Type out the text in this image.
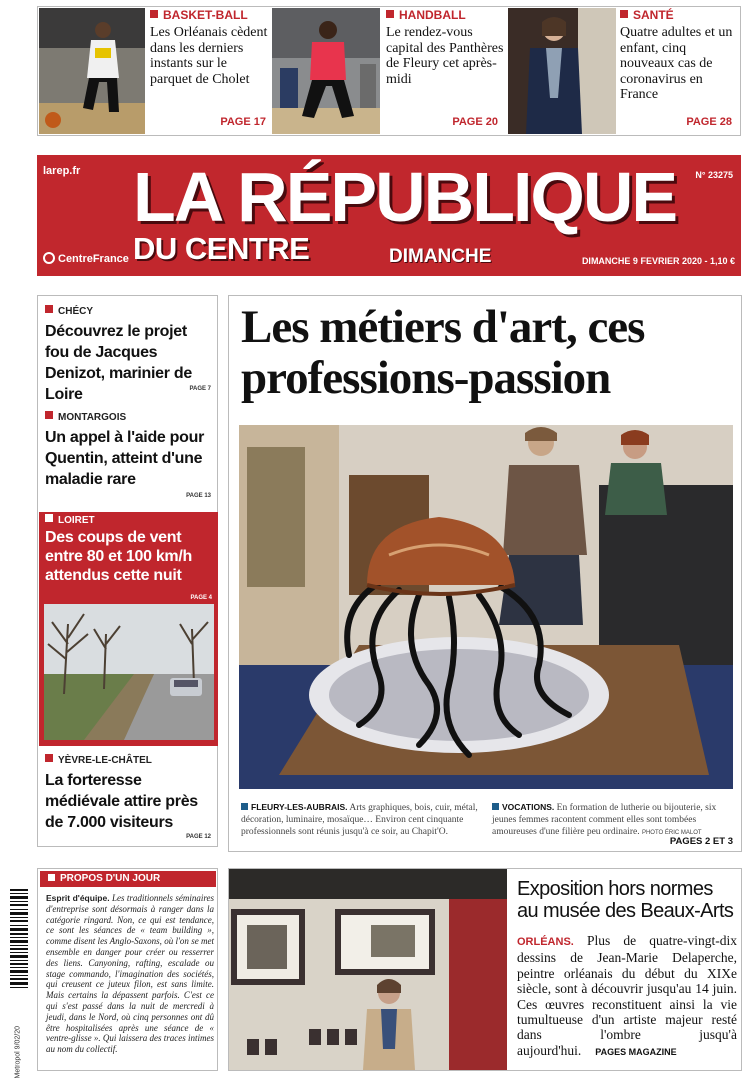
BASKET-BALL
Les Orléanais cèdent dans les derniers instants sur le parquet de Cholet
PAGE 17
HANDBALL
Le rendez-vous capital des Panthères de Fleury cet après-midi
PAGE 20
SANTÉ
Quatre adultes et un enfant, cinq nouveaux cas de coronavirus en France
PAGE 28
larep.fr LA RÉPUBLIQUE
DU CENTRE	DIMANCHE
N° 23275
CentreFrance	DIMANCHE 9 FEVRIER 2020 - 1,10 €
CHÉCY
Découvrez le projet fou de Jacques Denizot, marinier de Loire	PAGE 7
MONTARGOIS
Un appel à l'aide pour Quentin, atteint d'une maladie rare
PAGE 13
LOIRET
Des coups de vent entre 80 et 100 km/h attendus cette nuit
PAGE 4
YÈVRE-LE-CHÂTEL
La forteresse médiévale attire près de 7.000 visiteurs
PAGE 12
Les métiers d'art, ces professions-passion
FLEURY-LES-AUBRAIS. Arts graphiques, bois, cuir, métal, décoration, luminaire, mosaïque… Environ cent cinquante professionnels sont réunis jusqu'à ce soir, au Chapit'O.
VOCATIONS. En formation de lutherie ou bijouterie, six jeunes femmes racontent comment elles sont tombées amoureuses d'une filière peu ordinaire. PHOTO ÉRIC MALOT
PAGES 2 ET 3
Metropol 9/02/20
PROPOS D'UN JOUR
Esprit d'équipe. Les traditionnels séminaires d'entreprise sont désormais à ranger dans la catégorie ringard. Non, ce qui est tendance, ce sont les séances de « team building », comme disent les Anglo-Saxons, où l'on se met ensemble en danger pour créer ou resserrer des liens. Canyoning, rafting, escalade ou stage commando, l'imagination des sociétés, qui creusent ce juteux filon, est sans limite. Mais certains la dépassent parfois. C'est ce qui s'est passé dans la nuit de mercredi à jeudi, dans le Nord, où cinq personnes ont dû être hospitalisées après une séance de « ventre-glisse ». Qui laissera des traces intimes au nom du collectif.
Exposition hors normes au musée des Beaux-Arts
ORLÉANS. Plus de quatre-vingt-dix dessins de Jean-Marie Delaperche, peintre orléanais du début du XIXe siècle, sont à découvrir jusqu'au 14 juin. Ces œuvres reconstituent ainsi la vie tumultueuse d'un artiste majeur resté dans l'ombre jusqu'à aujourd'hui. PAGES MAGAZINE
